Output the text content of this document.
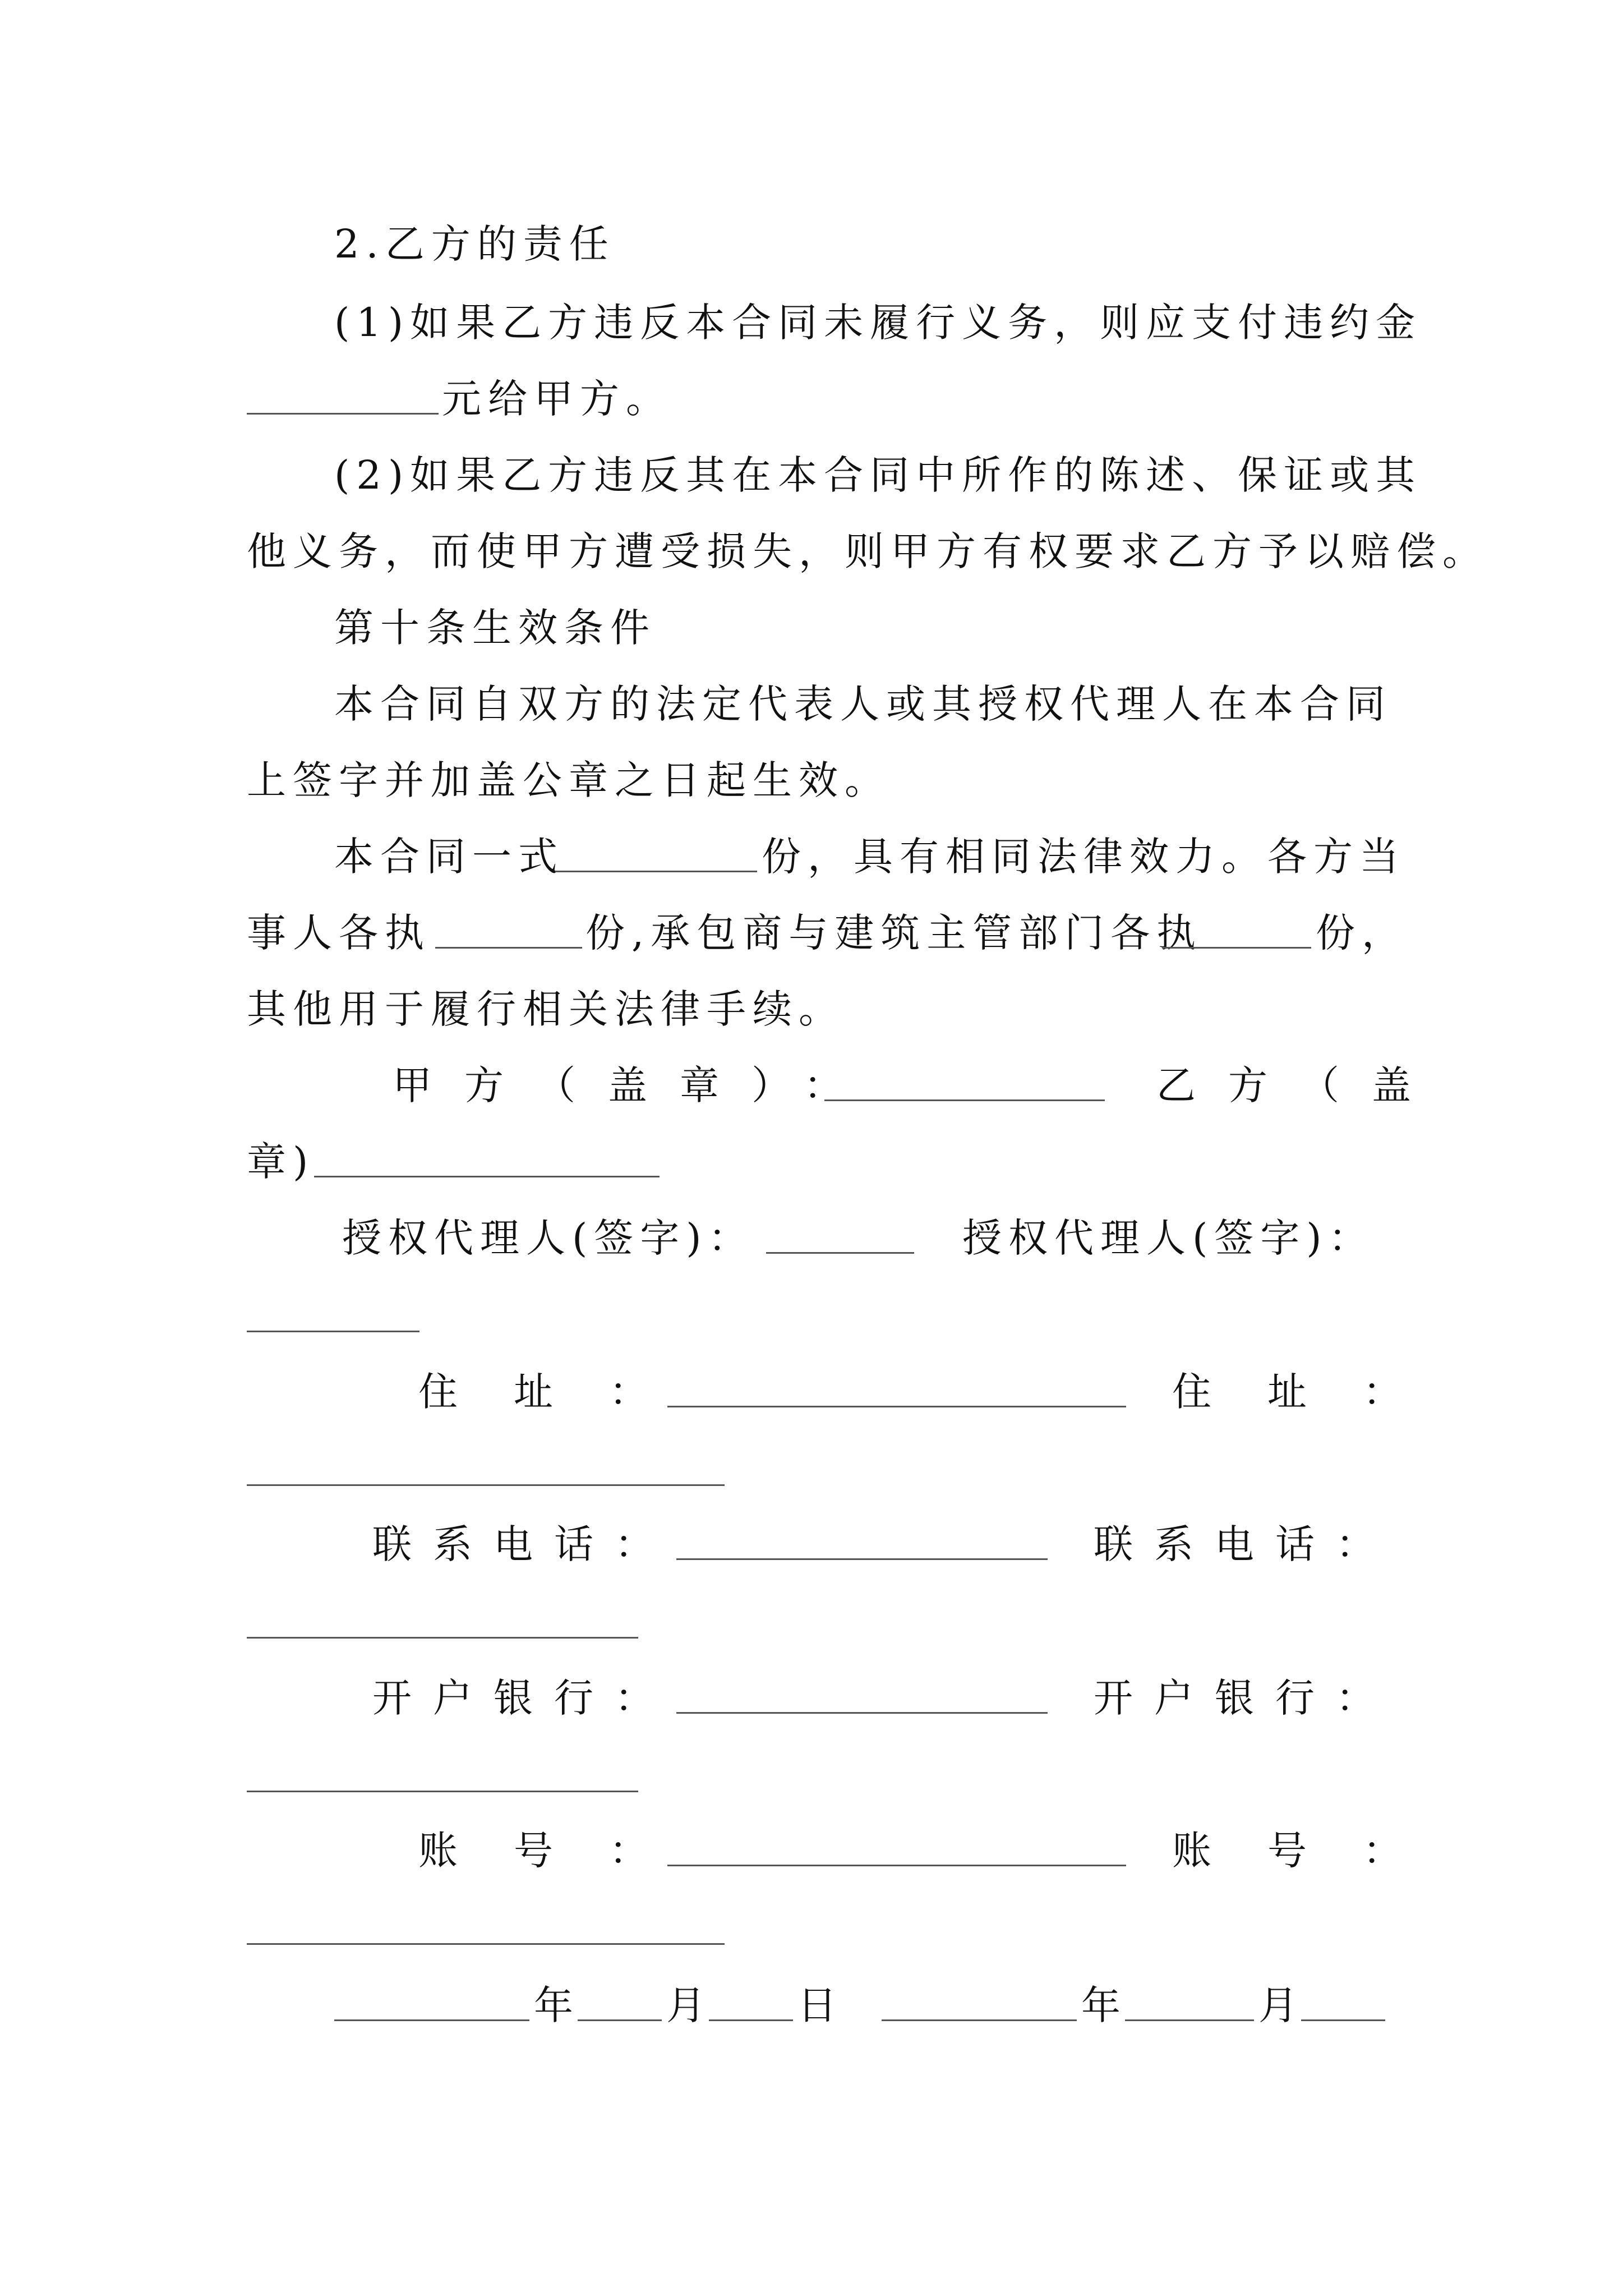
2.乙方的责任
(1)如果乙方违反本合同未履行义务，则应支付违约金
元给甲方。
(2)如果乙方违反其在本合同中所作的陈述、保证或其
他义务，而使甲方遭受损失，则甲方有权要求乙方予以赔偿。
第十条生效条件
本合同自双方的法定代表人或其授权代理人在本合同
上签字并加盖公章之日起生效。
本合同一式	份，具有相同法律效力。各方当
事人各执	份,承包商与建筑主管部门各执	份，
其他用于履行相关法律手续。
甲方（盖章）：	乙方（盖
章)
授权代理人(签字)：	授权代理人(签字)：
住址：	住址：
联系电话：	联系电话：
开户银行：	开户银行：
账号：	账号：
年 月 日	年	月
